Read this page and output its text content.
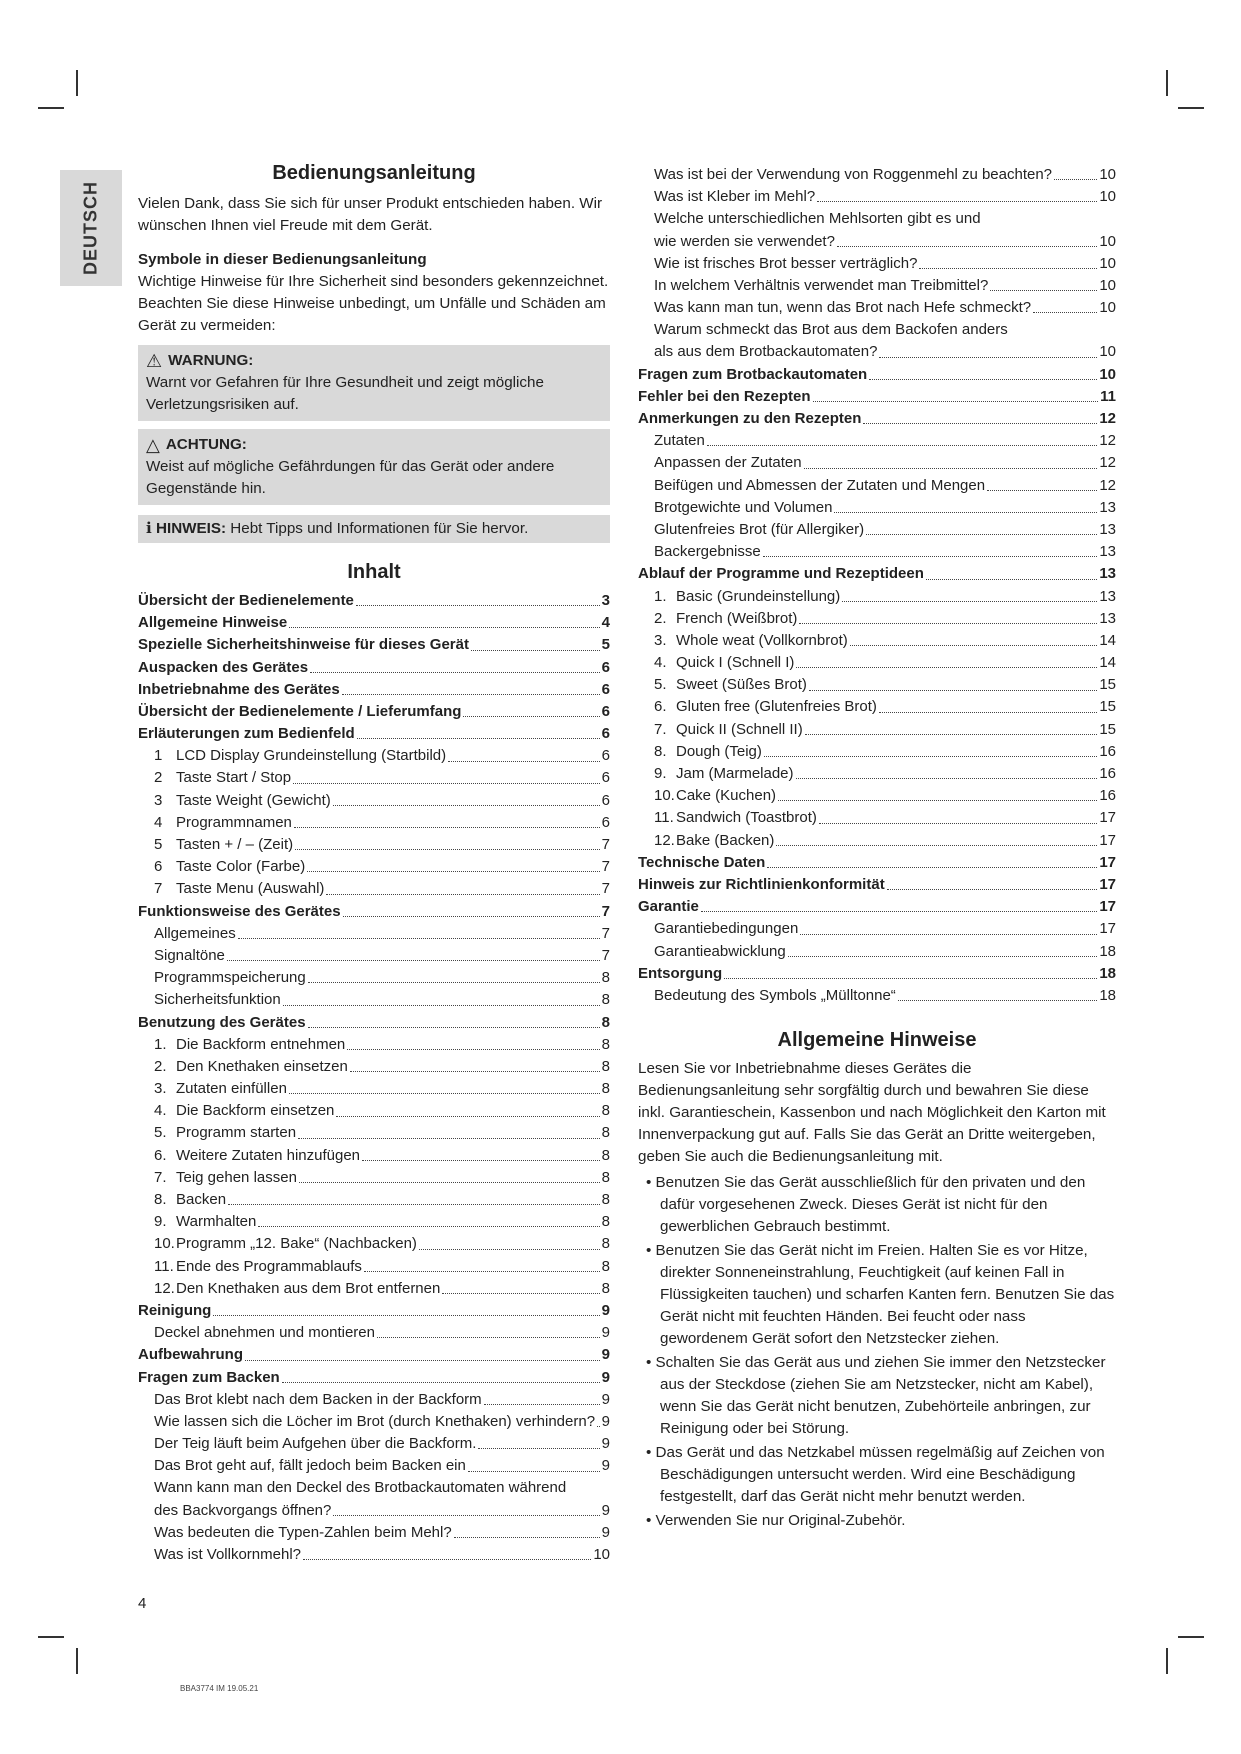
DEUTSCH
Bedienungsanleitung

Vielen Dank, dass Sie sich für unser Produkt entschieden haben. Wir wünschen Ihnen viel Freude mit dem Gerät.

Symbole in dieser Bedienungsanleitung

Wichtige Hinweise für Ihre Sicherheit sind besonders gekennzeichnet. Beachten Sie diese Hinweise unbedingt, um Unfälle und Schäden am Gerät zu vermeiden:

⚠ WARNUNG:
Warnt vor Gefahren für Ihre Gesundheit und zeigt mögliche Verletzungsrisiken auf.
△ ACHTUNG:
Weist auf mögliche Gefährdungen für das Gerät oder andere Gegenstände hin.
ℹ HINWEIS: Hebt Tipps und Informationen für Sie hervor.
Inhalt
Übersicht der Bedienelemente	3
Allgemeine Hinweise	4
Spezielle Sicherheitshinweise für dieses Gerät	5
Auspacken des Gerätes	6
Inbetriebnahme des Gerätes	6
Übersicht der Bedienelemente / Lieferumfang	6
Erläuterungen zum Bedienfeld	6
1 LCD Display Grundeinstellung (Startbild)	6
2 Taste Start / Stop	6
3 Taste Weight (Gewicht)	6
4 Programmnamen	6
5 Tasten + / – (Zeit)	7
6 Taste Color (Farbe)	7
7 Taste Menu (Auswahl)	7
Funktionsweise des Gerätes	7
Allgemeines	7
Signaltöne	7
Programmspeicherung	8
Sicherheitsfunktion	8
Benutzung des Gerätes	8
1. Die Backform entnehmen	8
2. Den Knethaken einsetzen	8
3. Zutaten einfüllen	8
4. Die Backform einsetzen	8
5. Programm starten	8
6. Weitere Zutaten hinzufügen	8
7. Teig gehen lassen	8
8. Backen	8
9. Warmhalten	8
10.Programm „12. Bake“ (Nachbacken)	8
11. Ende des Programmablaufs	8
12.Den Knethaken aus dem Brot entfernen	8
Reinigung	9
Deckel abnehmen und montieren	9
Aufbewahrung	9
Fragen zum Backen	9
Das Brot klebt nach dem Backen in der Backform	9
Wie lassen sich die Löcher im Brot (durch Knethaken) verhindern? 9
Der Teig läuft beim Aufgehen über die Backform.	9
Das Brot geht auf, fällt jedoch beim Backen ein	9
Wann kann man den Deckel des Brotbackautomaten während
des Backvorgangs öffnen?	9
Was bedeuten die Typen-Zahlen beim Mehl?	9
Was ist Vollkornmehl?	10
Was ist bei der Verwendung von Roggenmehl zu beachten?	10
Was ist Kleber im Mehl?	10
Welche unterschiedlichen Mehlsorten gibt es und
wie werden sie verwendet?	10
Wie ist frisches Brot besser verträglich?	10
In welchem Verhältnis verwendet man Treibmittel?	10
Was kann man tun, wenn das Brot nach Hefe schmeckt?	10
Warum schmeckt das Brot aus dem Backofen anders
als aus dem Brotbackautomaten?	10
Fragen zum Brotbackautomaten	10
Fehler bei den Rezepten	11
Anmerkungen zu den Rezepten	12
Zutaten	12
Anpassen der Zutaten	12
Beifügen und Abmessen der Zutaten und Mengen	12
Brotgewichte und Volumen	13
Glutenfreies Brot (für Allergiker)	13
Backergebnisse	13
Ablauf der Programme und Rezeptideen	13
1. Basic (Grundeinstellung)	13
2. French (Weißbrot)	13
3. Whole weat (Vollkornbrot)	14
4. Quick I (Schnell I)	14
5. Sweet (Süßes Brot)	15
6. Gluten free (Glutenfreies Brot)	15
7. Quick II (Schnell II)	15
8. Dough (Teig)	16
9. Jam (Marmelade)	16
10.Cake (Kuchen)	16
11. Sandwich (Toastbrot)	17
12.Bake (Backen)	17
Technische Daten	17
Hinweis zur Richtlinienkonformität	17
Garantie	17
Garantiebedingungen	17
Garantieabwicklung	18
Entsorgung	18
Bedeutung des Symbols „Mülltonne“	18
Allgemeine Hinweise

Lesen Sie vor Inbetriebnahme dieses Gerätes die Bedienungsanleitung sehr sorgfältig durch und bewahren Sie diese inkl. Garantieschein, Kassenbon und nach Möglichkeit den Karton mit Innenverpackung gut auf. Falls Sie das Gerät an Dritte weitergeben, geben Sie auch die Bedienungsanleitung mit.

• Benutzen Sie das Gerät ausschließlich für den privaten und den dafür vorgesehenen Zweck. Dieses Gerät ist nicht für den gewerblichen Gebrauch bestimmt.
• Benutzen Sie das Gerät nicht im Freien. Halten Sie es vor Hitze, direkter Sonneneinstrahlung, Feuchtigkeit (auf keinen Fall in Flüssigkeiten tauchen) und scharfen Kanten fern. Benutzen Sie das Gerät nicht mit feuchten Händen. Bei feucht oder nass gewordenem Gerät sofort den Netzstecker ziehen.
• Schalten Sie das Gerät aus und ziehen Sie immer den Netzstecker aus der Steckdose (ziehen Sie am Netzstecker, nicht am Kabel), wenn Sie das Gerät nicht benutzen, Zubehörteile anbringen, zur Reinigung oder bei Störung.
• Das Gerät und das Netzkabel müssen regelmäßig auf Zeichen von Beschädigungen untersucht werden. Wird eine Beschädigung festgestellt, darf das Gerät nicht mehr benutzt werden.
• Verwenden Sie nur Original-Zubehör.
4
BBA3774 IM 19.05.21
